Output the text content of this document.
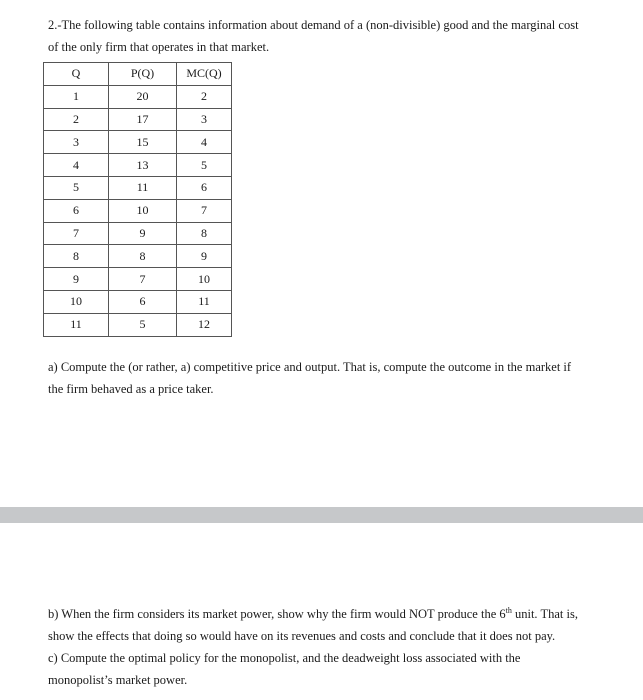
2.-The following table contains information about demand of a (non-divisible) good and the marginal cost
of the only firm that operates in that market.
Q	P(Q)	MC(Q)
1	20	2
2	17	3
3	15	4
4	13	5
5	11	6
6	10	7
7	9	8
8	8	9
9	7	10
10	6	11
11	5	12
a) Compute the (or rather, a) competitive price and output. That is, compute the outcome in the market if
the firm behaved as a price taker.
b) When the firm considers its market power, show why the firm would NOT produce the 6th unit. That is,
show the effects that doing so would have on its revenues and costs and conclude that it does not pay.
c) Compute the optimal policy for the monopolist, and the deadweight loss associated with the
monopolist’s market power.
